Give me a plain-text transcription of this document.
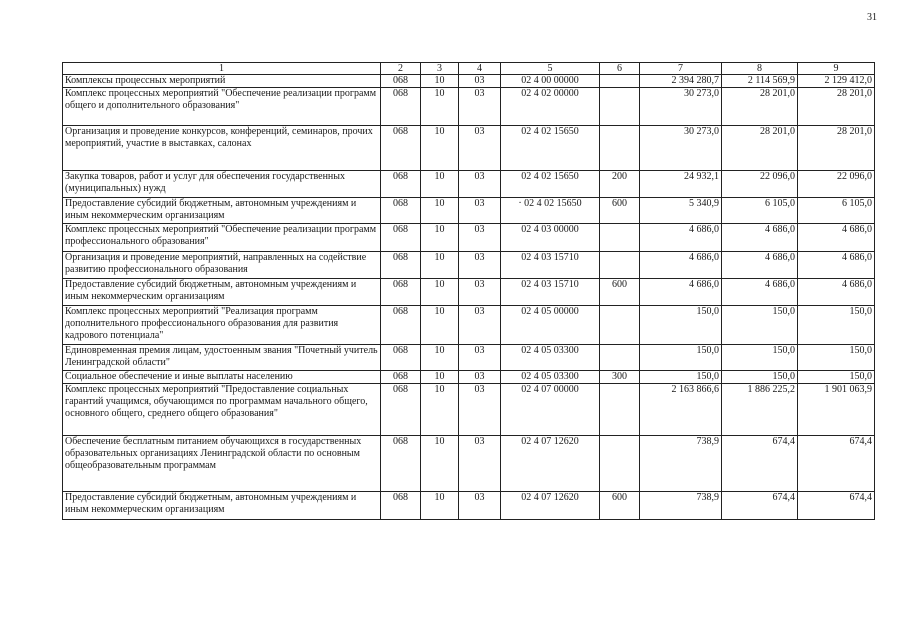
31
1	2	3	4	5	6	7	8	9
Комплексы процессных мероприятий	068	10	03	02 4 00 00000		2 394 280,7	2 114 569,9	2 129 412,0
Комплекс процессных мероприятий "Обеспечение реализации программ общего и дополнительного образования"	068	10	03	02 4 02 00000		30 273,0	28 201,0	28 201,0
Организация и проведение конкурсов, конференций, семинаров, прочих мероприятий, участие в выставках, салонах	068	10	03	02 4 02 15650		30 273,0	28 201,0	28 201,0
Закупка товаров, работ и услуг для обеспечения государственных (муниципальных) нужд	068	10	03	02 4 02 15650	200	24 932,1	22 096,0	22 096,0
Предоставление субсидий бюджетным, автономным учреждениям и иным некоммерческим организациям	068	10	03	· 02 4 02 15650	600	5 340,9	6 105,0	6 105,0
Комплекс процессных мероприятий "Обеспечение реализации программ профессионального образования"	068	10	03	02 4 03 00000		4 686,0	4 686,0	4 686,0
Организация и проведение мероприятий, направленных на содействие развитию профессионального образования	068	10	03	02 4 03 15710		4 686,0	4 686,0	4 686,0
Предоставление субсидий бюджетным, автономным учреждениям и иным некоммерческим организациям	068	10	03	02 4 03 15710	600	4 686,0	4 686,0	4 686,0
Комплекс процессных мероприятий "Реализация программ дополнительного профессионального образования для развития кадрового потенциала"	068	10	03	02 4 05 00000		150,0	150,0	150,0
Единовременная премия лицам, удостоенным звания "Почетный учитель Ленинградской области"	068	10	03	02 4 05 03300		150,0	150,0	150,0
Социальное обеспечение и иные выплаты населению	068	10	03	02 4 05 03300	300	150,0	150,0	150,0
Комплекс процессных мероприятий "Предоставление социальных гарантий учащимся, обучающимся по программам начального общего, основного общего, среднего общего образования"	068	10	03	02 4 07 00000		2 163 866,6	1 886 225,2	1 901 063,9
Обеспечение бесплатным питанием обучающихся в государственных образовательных организациях Ленинградской области по основным общеобразовательным программам	068	10	03	02 4 07 12620		738,9	674,4	674,4
Предоставление субсидий бюджетным, автономным учреждениям и иным некоммерческим организациям	068	10	03	02 4 07 12620	600	738,9	674,4	674,4
